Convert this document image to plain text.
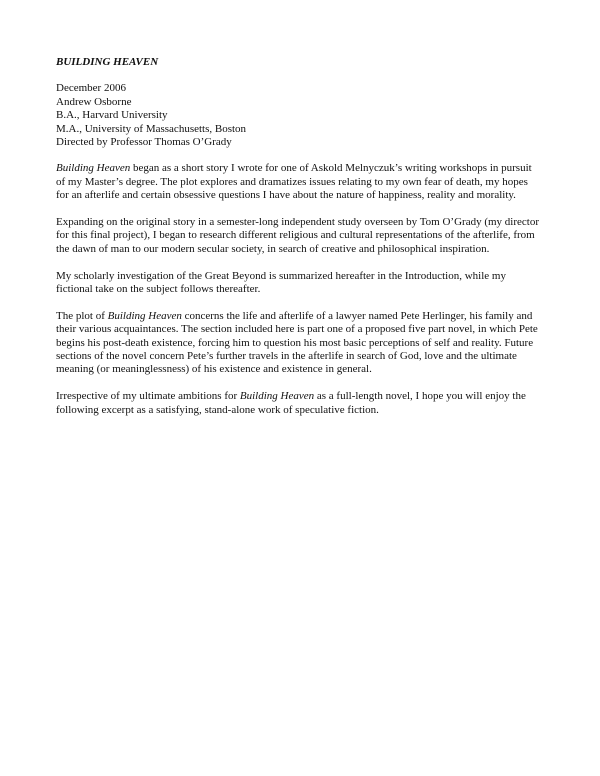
BUILDING HEAVEN
December 2006
Andrew Osborne
B.A., Harvard University
M.A., University of Massachusetts, Boston
Directed by Professor Thomas O’Grady

Building Heaven began as a short story I wrote for one of Askold Melnyczuk’s writing workshops in pursuit of my Master’s degree. The plot explores and dramatizes issues relating to my own fear of death, my hopes for an afterlife and certain obsessive questions I have about the nature of happiness, reality and morality.

Expanding on the original story in a semester-long independent study overseen by Tom O’Grady (my director for this final project), I began to research different religious and cultural representations of the afterlife, from the dawn of man to our modern secular society, in search of creative and philosophical inspiration.

My scholarly investigation of the Great Beyond is summarized hereafter in the Introduction, while my fictional take on the subject follows thereafter.

The plot of Building Heaven concerns the life and afterlife of a lawyer named Pete Herlinger, his family and their various acquaintances. The section included here is part one of a proposed five part novel, in which Pete begins his post-death existence, forcing him to question his most basic perceptions of self and reality. Future sections of the novel concern Pete’s further travels in the afterlife in search of God, love and the ultimate meaning (or meaninglessness) of his existence and existence in general.

Irrespective of my ultimate ambitions for Building Heaven as a full-length novel, I hope you will enjoy the following excerpt as a satisfying, stand-alone work of speculative fiction.
